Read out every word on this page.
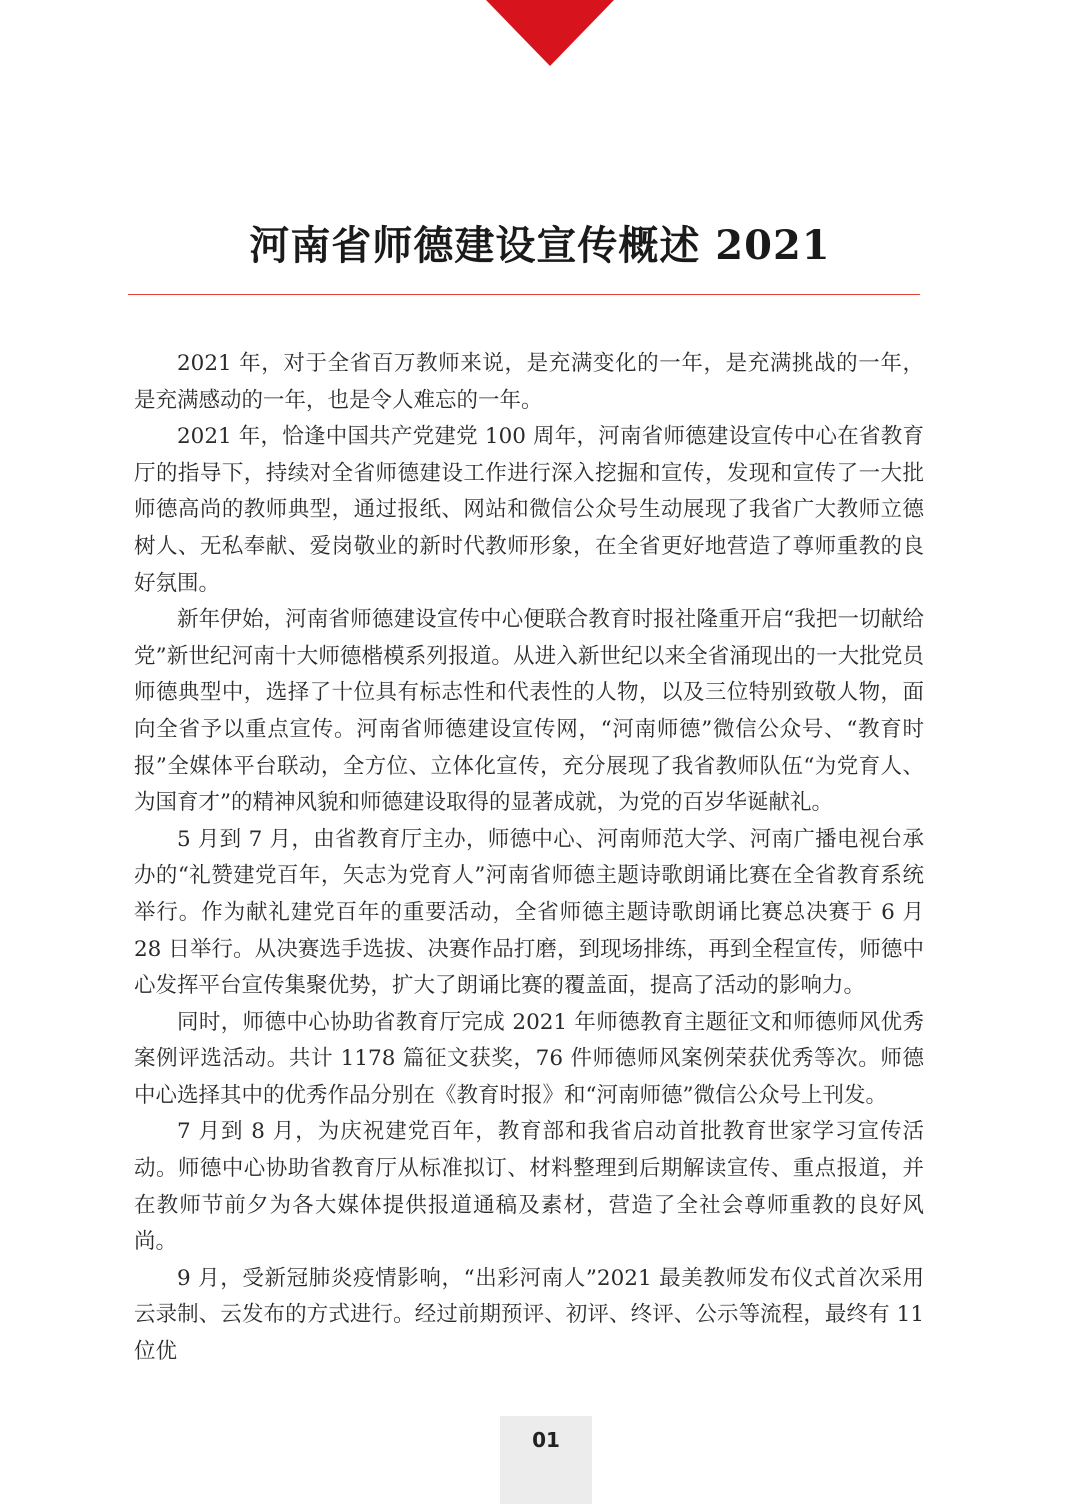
河南省师德建设宣传概述 2021

2021 年，对于全省百万教师来说，是充满变化的一年，是充满挑战的一年，是充满感动的一年，也是令人难忘的一年。

2021 年，恰逢中国共产党建党 100 周年，河南省师德建设宣传中心在省教育厅的指导下，持续对全省师德建设工作进行深入挖掘和宣传，发现和宣传了一大批师德高尚的教师典型，通过报纸、网站和微信公众号生动展现了我省广大教师立德树人、无私奉献、爱岗敬业的新时代教师形象，在全省更好地营造了尊师重教的良好氛围。

新年伊始，河南省师德建设宣传中心便联合教育时报社隆重开启“我把一切献给党”新世纪河南十大师德楷模系列报道。从进入新世纪以来全省涌现出的一大批党员师德典型中，选择了十位具有标志性和代表性的人物，以及三位特别致敬人物，面向全省予以重点宣传。河南省师德建设宣传网，“河南师德”微信公众号、“教育时报”全媒体平台联动，全方位、立体化宣传，充分展现了我省教师队伍“为党育人、为国育才”的精神风貌和师德建设取得的显著成就，为党的百岁华诞献礼。

5 月到 7 月，由省教育厅主办，师德中心、河南师范大学、河南广播电视台承办的“礼赞建党百年，矢志为党育人”河南省师德主题诗歌朗诵比赛在全省教育系统举行。作为献礼建党百年的重要活动，全省师德主题诗歌朗诵比赛总决赛于 6 月 28 日举行。从决赛选手选拔、决赛作品打磨，到现场排练，再到全程宣传，师德中心发挥平台宣传集聚优势，扩大了朗诵比赛的覆盖面，提高了活动的影响力。

同时，师德中心协助省教育厅完成 2021 年师德教育主题征文和师德师风优秀案例评选活动。共计 1178 篇征文获奖，76 件师德师风案例荣获优秀等次。师德中心选择其中的优秀作品分别在《教育时报》和“河南师德”微信公众号上刊发。

7 月到 8 月，为庆祝建党百年，教育部和我省启动首批教育世家学习宣传活动。师德中心协助省教育厅从标准拟订、材料整理到后期解读宣传、重点报道，并在教师节前夕为各大媒体提供报道通稿及素材，营造了全社会尊师重教的良好风尚。

9 月，受新冠肺炎疫情影响，“出彩河南人”2021 最美教师发布仪式首次采用云录制、云发布的方式进行。经过前期预评、初评、终评、公示等流程，最终有 11 位优

01
